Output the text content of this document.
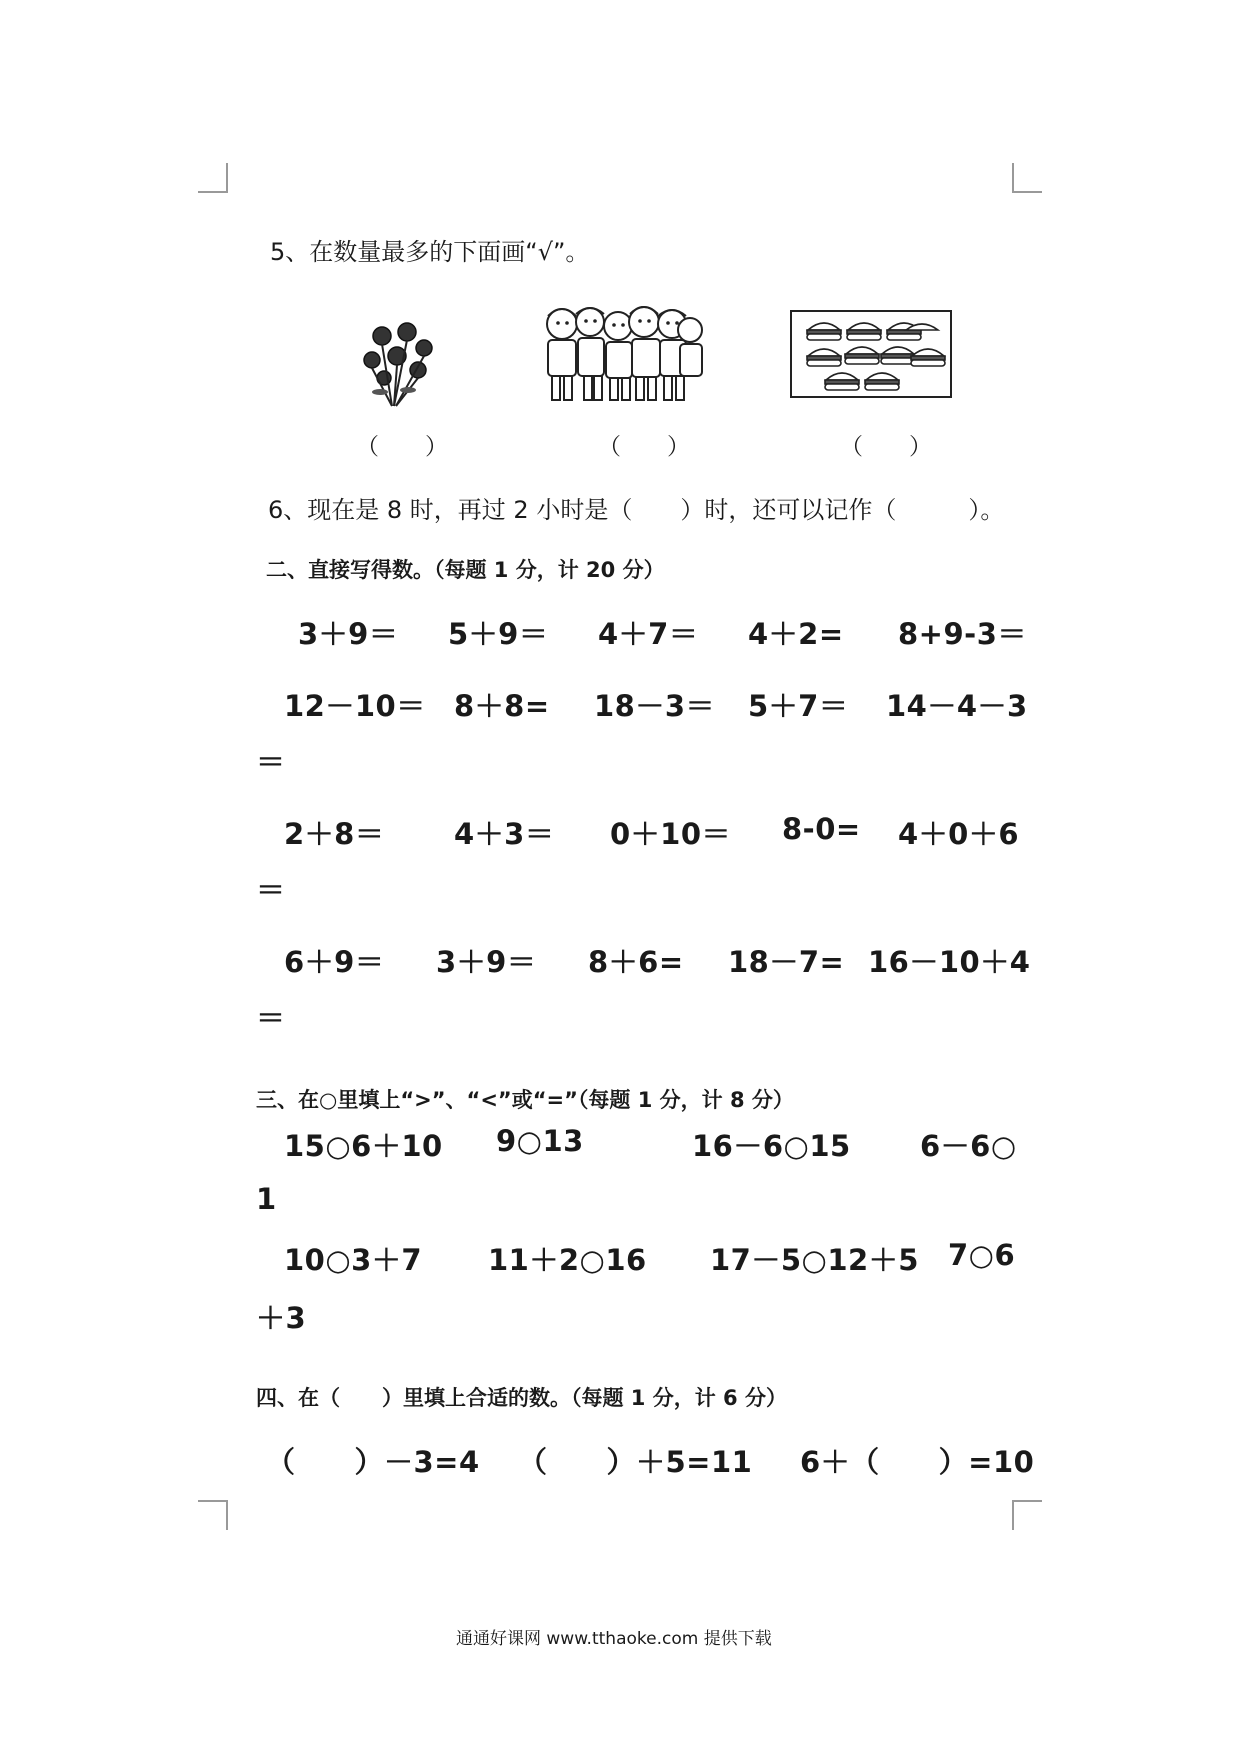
5、在数量最多的下面画“√”。
（　　）	（　　）	（　　）
6、现在是 8 时，再过 2 小时是（　　）时，还可以记作（　　　）。
二、直接写得数。（每题 1 分，计 20 分）
3＋9＝ 5＋9＝ 4＋7＝ 4＋2= 8+9-3＝
12－10＝ 8＋8= 18－3＝ 5＋7＝ 14－4－3
＝
2＋8＝ 4＋3＝ 0＋10＝ 8-0= 4＋0＋6
＝
6＋9＝ 3＋9＝ 8＋6= 18－7= 16－10＋4
＝
三、在○里填上“>”、“<”或“=”（每题 1 分，计 8 分）
15○6＋10 9○13	16－6○15 6－6○
1
10○3＋7 11＋2○16 17－5○12＋5 7○6
＋3
四、在（　　）里填上合适的数。（每题 1 分，计 6 分）
（　　）－3=4 （　　）＋5=11 6＋（　　）=10
通通好课网 www.tthaoke.com 提供下载
